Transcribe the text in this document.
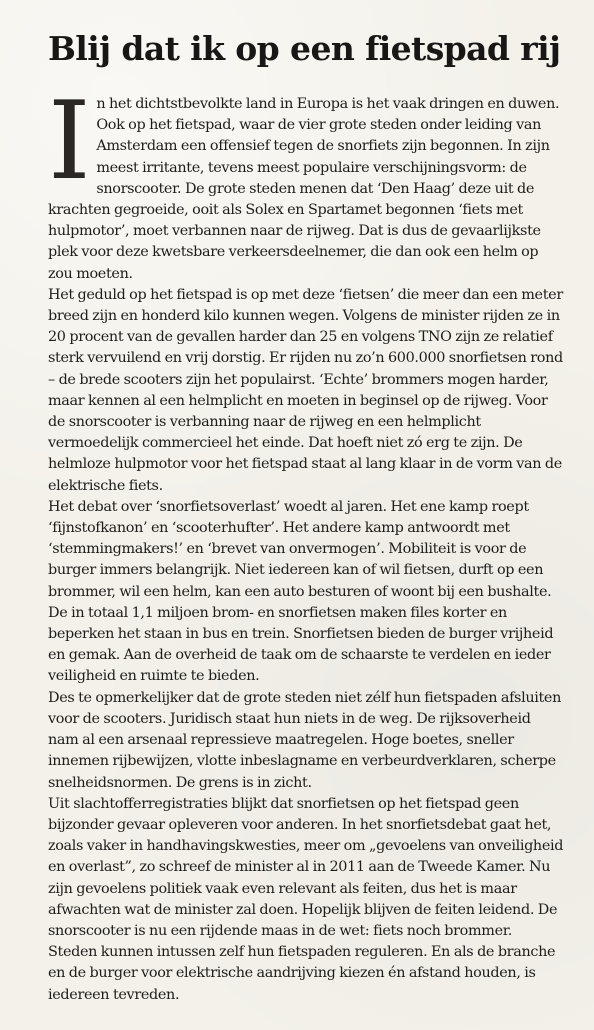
Blij dat ik op een fietspad rij

In het dichtstbevolkte land in Europa is het vaak dringen en duwen. Ook op het fietspad, waar de vier grote steden onder leiding van Amsterdam een offensief tegen de snorfiets zijn begonnen. In zijn meest irritante, tevens meest populaire verschijningsvorm: de snorscooter. De grote steden menen dat ‘Den Haag’ deze uit de krachten gegroeide, ooit als Solex en Spartamet begonnen ‘fiets met hulpmotor’, moet verbannen naar de rijweg. Dat is dus de gevaarlijkste plek voor deze kwetsbare verkeersdeelnemer, die dan ook een helm op zou moeten.

Het geduld op het fietspad is op met deze ‘fietsen’ die meer dan een meter breed zijn en honderd kilo kunnen wegen. Volgens de minister rijden ze in 20 procent van de gevallen harder dan 25 en volgens TNO zijn ze relatief sterk vervuilend en vrij dorstig. Er rijden nu zo’n 600.000 snorfietsen rond – de brede scooters zijn het populairst. ‘Echte’ brommers mogen harder, maar kennen al een helmplicht en moeten in beginsel op de rijweg. Voor de snorscooter is verbanning naar de rijweg en een helmplicht vermoedelijk commercieel het einde. Dat hoeft niet zó erg te zijn. De helmloze hulpmotor voor het fietspad staat al lang klaar in de vorm van de elektrische fiets.

Het debat over ‘snorfietsoverlast’ woedt al jaren. Het ene kamp roept ‘fijnstofkanon’ en ‘scooterhufter’. Het andere kamp antwoordt met ‘stemmingmakers!’ en ‘brevet van onvermogen’. Mobiliteit is voor de burger immers belangrijk. Niet iedereen kan of wil fietsen, durft op een brommer, wil een helm, kan een auto besturen of woont bij een bushalte. De in totaal 1,1 miljoen brom- en snorfietsen maken files korter en beperken het staan in bus en trein. Snorfietsen bieden de burger vrijheid en gemak. Aan de overheid de taak om de schaarste te verdelen en ieder veiligheid en ruimte te bieden.

Des te opmerkelijker dat de grote steden niet zélf hun fietspaden afsluiten voor de scooters. Juridisch staat hun niets in de weg. De rijksoverheid nam al een arsenaal repressieve maatregelen. Hoge boetes, sneller innemen rijbewijzen, vlotte inbeslagname en verbeurdverklaren, scherpe snelheidsnormen. De grens is in zicht.

Uit slachtofferregistraties blijkt dat snorfietsen op het fietspad geen bijzonder gevaar opleveren voor anderen. In het snorfietsdebat gaat het, zoals vaker in handhavingskwesties, meer om „gevoelens van onveiligheid en overlast”, zo schreef de minister al in 2011 aan de Tweede Kamer. Nu zijn gevoelens politiek vaak even relevant als feiten, dus het is maar afwachten wat de minister zal doen. Hopelijk blijven de feiten leidend. De snorscooter is nu een rijdende maas in de wet: fiets noch brommer. Steden kunnen intussen zelf hun fietspaden reguleren. En als de branche en de burger voor elektrische aandrijving kiezen én afstand houden, is iedereen tevreden.
